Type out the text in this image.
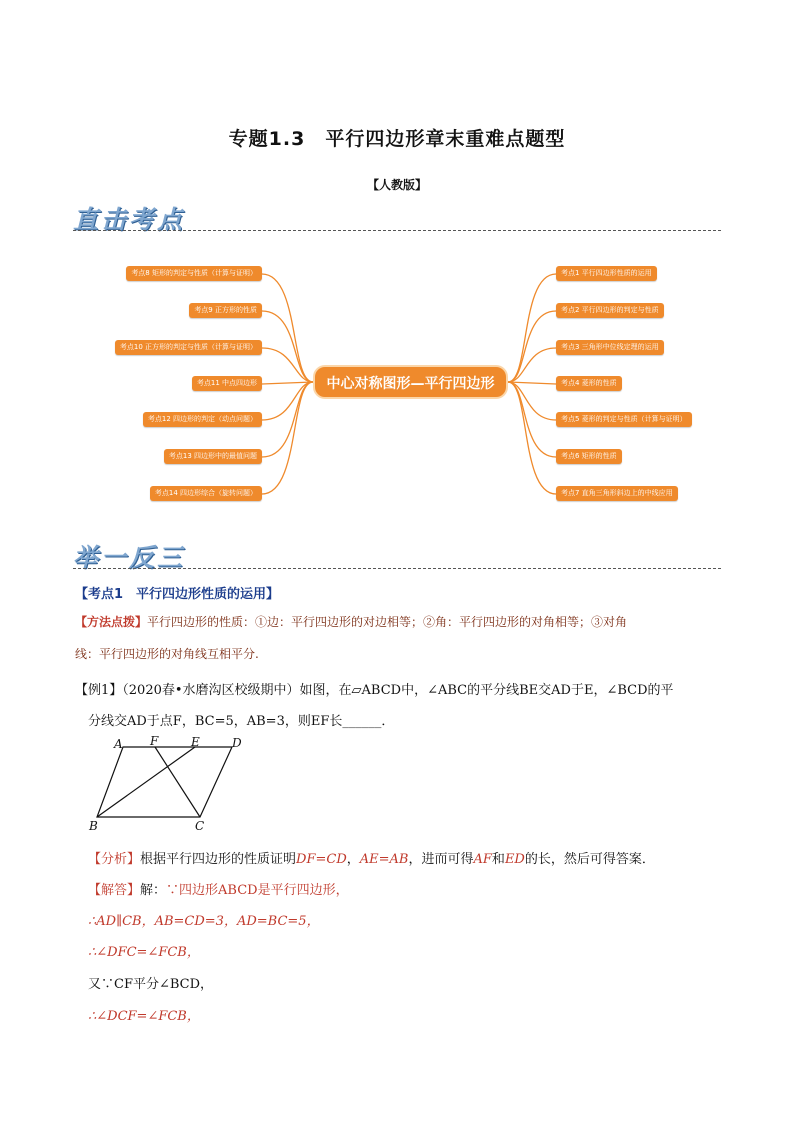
专题1.3　平行四边形章末重难点题型
【人教版】
直击考点
考点8 矩形的判定与性质（计算与证明）
考点9 正方形的性质
考点10 正方形的判定与性质（计算与证明）
考点11 中点四边形
考点12 四边形的判定（动点问题）
考点13 四边形中的最值问题
考点14 四边形综合（旋转问题）
考点1 平行四边形性质的运用
考点2 平行四边形的判定与性质
考点3 三角形中位线定理的运用
考点4 菱形的性质
考点5 菱形的判定与性质（计算与证明）
考点6 矩形的性质
考点7 直角三角形斜边上的中线应用
中心对称图形—平行四边形
举一反三
【考点1　平行四边形性质的运用】
【方法点拨】平行四边形的性质：①边：平行四边形的对边相等；②角：平行四边形的对角相等；③对角
线：平行四边形的对角线互相平分.
【例1】（2020春•水磨沟区校级期中）如图，在▱ABCD中，∠ABC的平分线BE交AD于E，∠BCD的平
分线交AD于点F，BC=5，AB=3，则EF长______．
A F	E	D
B	C
【分析】根据平行四边形的性质证明DF=CD，AE=AB，进而可得AF和ED的长，然后可得答案．
【解答】解：∵四边形ABCD是平行四边形，
∴AD∥CB，AB=CD=3，AD=BC=5，
∴∠DFC=∠FCB，
又∵CF平分∠BCD，
∴∠DCF=∠FCB，
